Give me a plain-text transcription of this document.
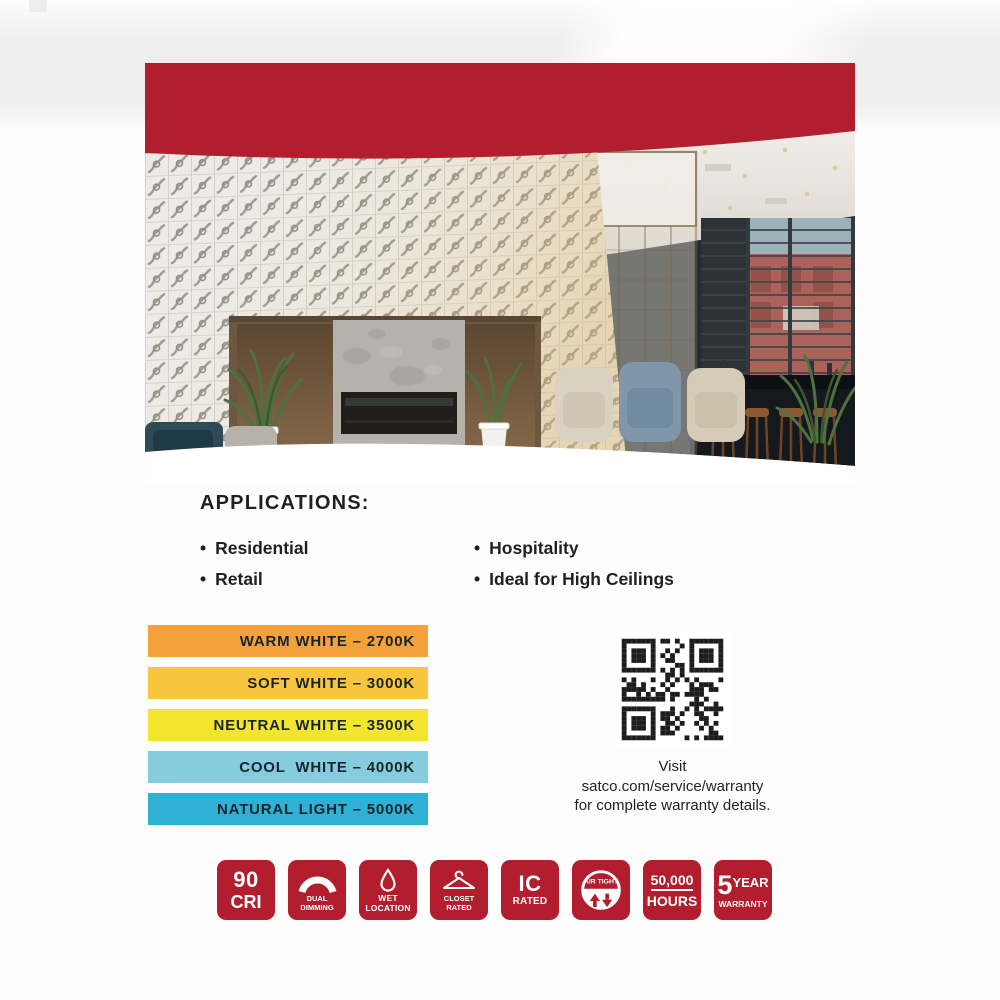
APPLICATIONS:
• Residential
• Retail
• Hospitality
• Ideal for High Ceilings
WARM WHITE – 2700K
SOFT WHITE – 3000K
NEUTRAL WHITE – 3500K
COOL  WHITE – 4000K
NATURAL LIGHT – 5000K
Visit
satco.com/service/warranty
for complete warranty details.
90
CRI	DUAL
DIMMING
WET
LOCATION
CLOSET
RATED
IC
RATED
AIR TIGHT 50,000
HOURS
5 YEAR
WARRANTY
